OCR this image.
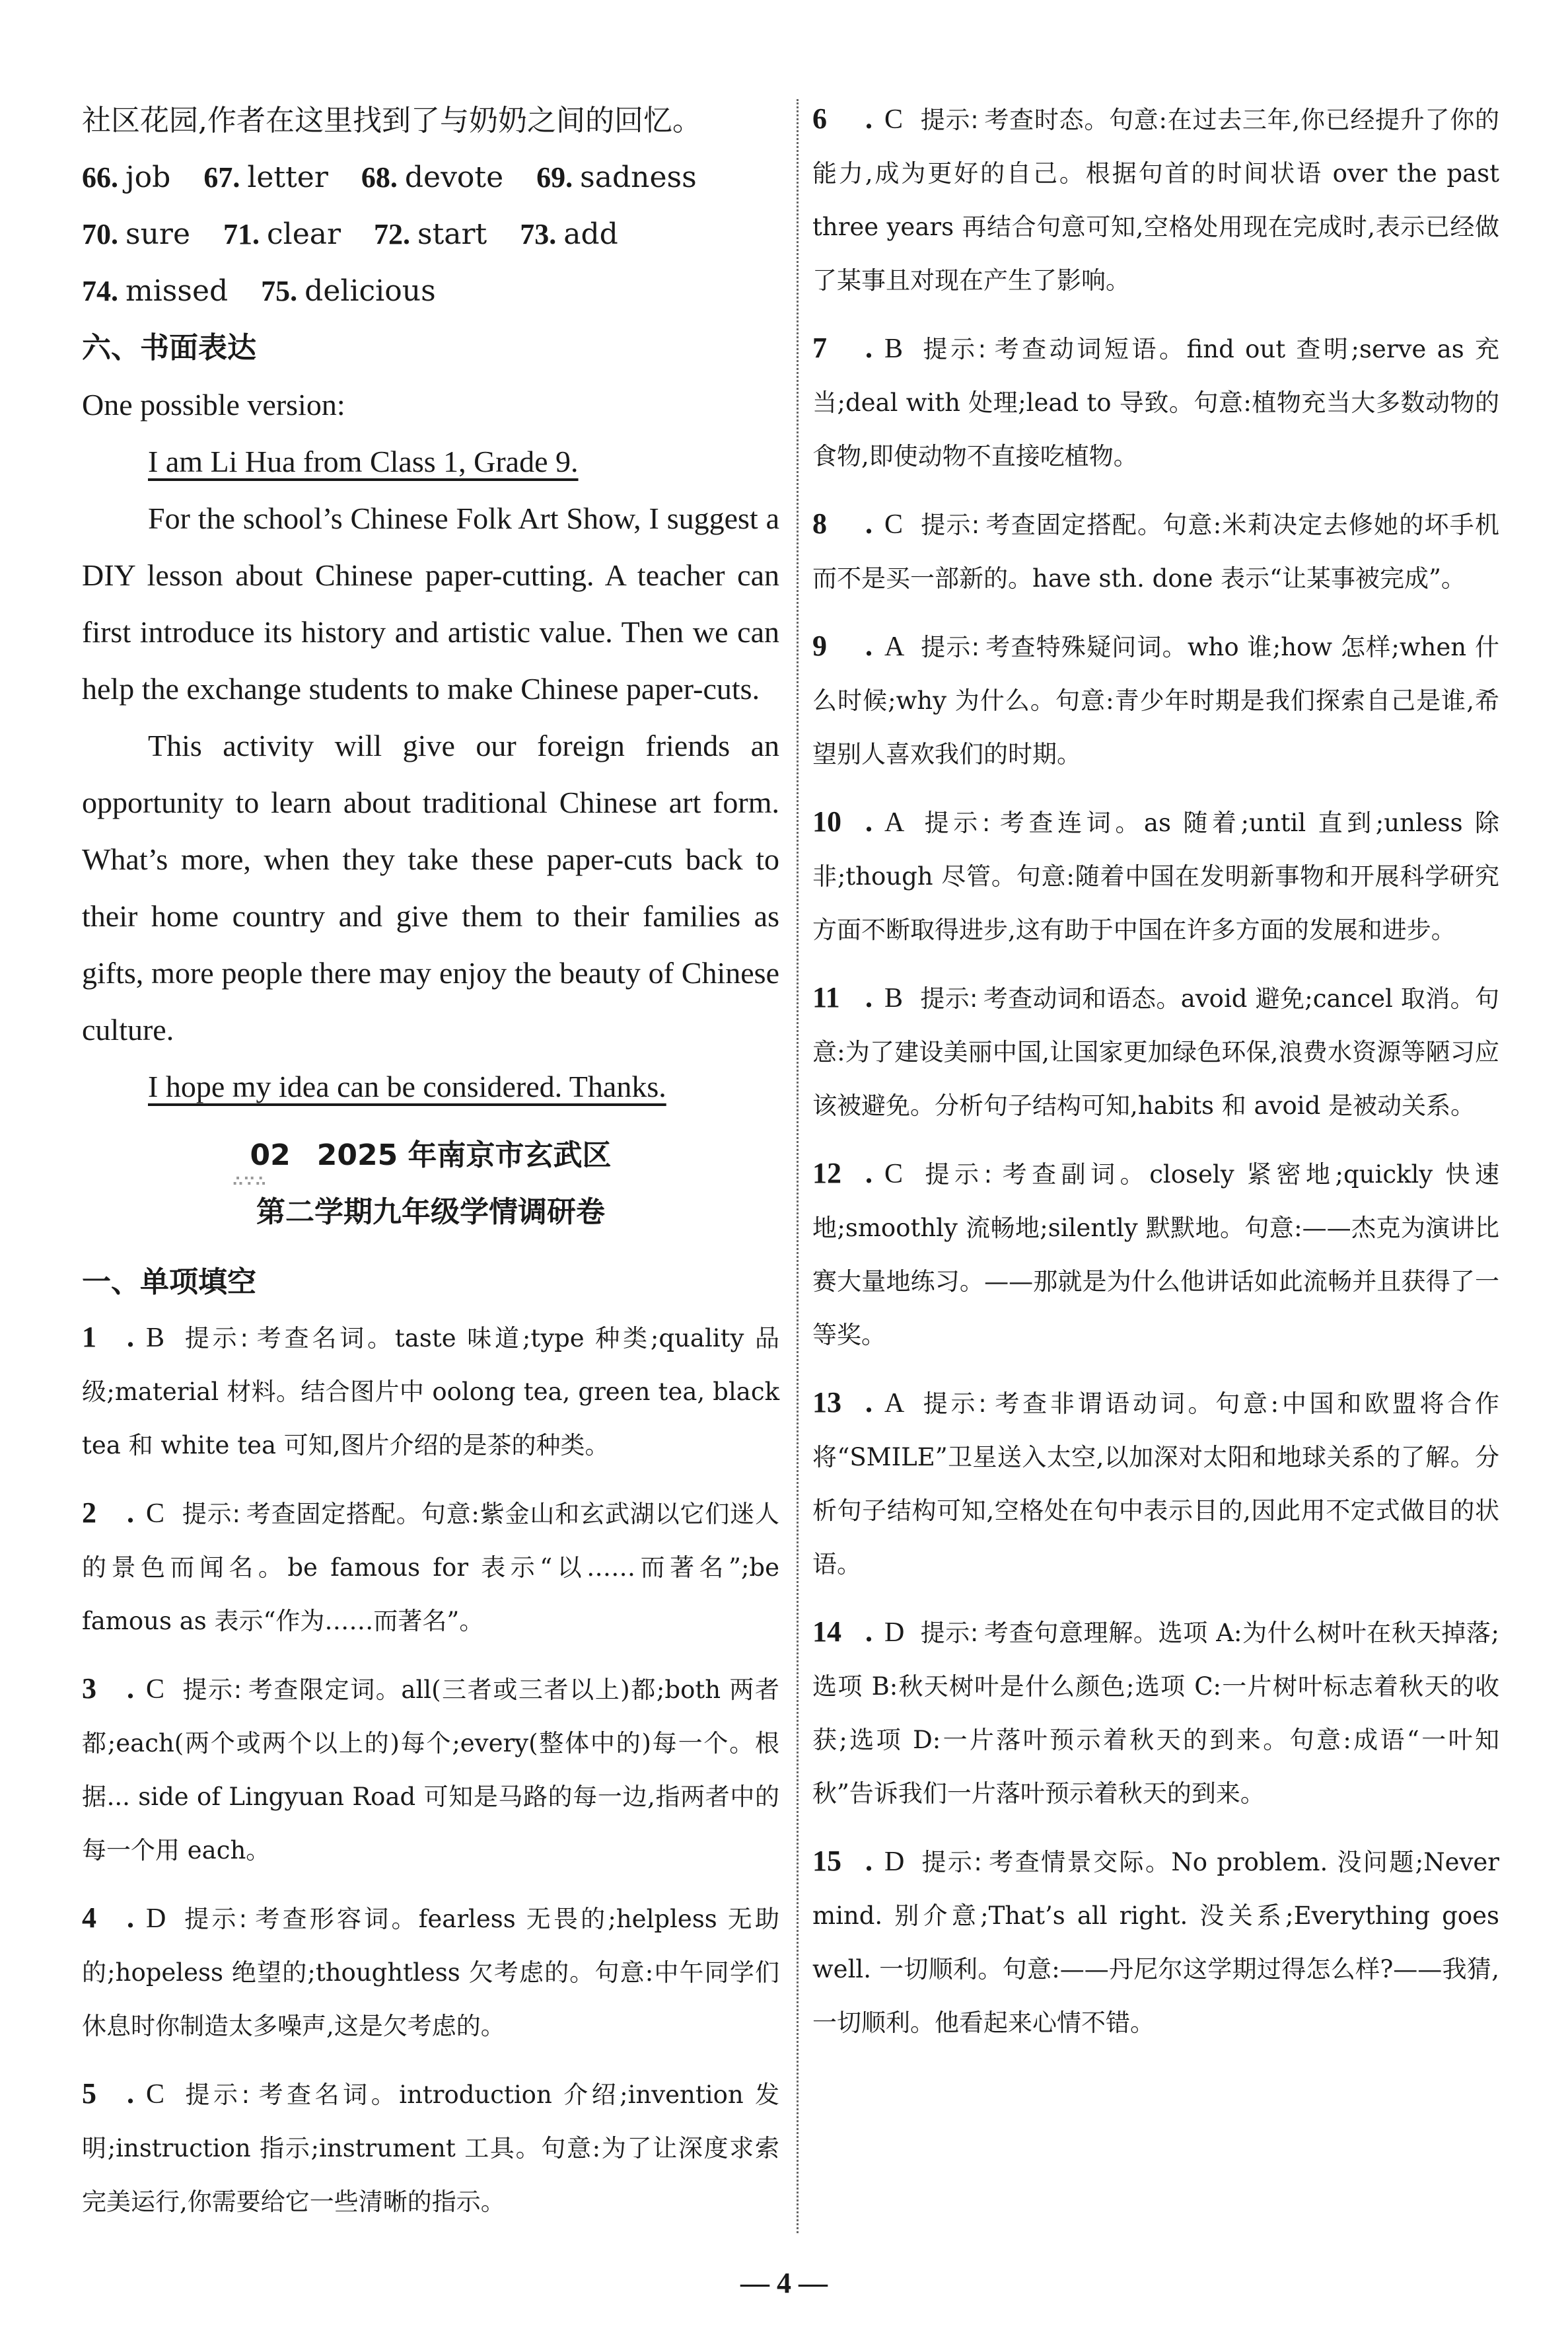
社区花园,作者在这里找到了与奶奶之间的回忆。
66. job 67. letter 68. devote 69. sadness
70. sure 71. clear 72. start 73. add
74. missed 75. delicious
六、书面表达

One possible version:

I am Li Hua from Class 1, Grade 9.

For the school’s Chinese Folk Art Show, I suggest a DIY lesson about Chinese paper-cutting. A teacher can first introduce its history and artistic value. Then we can help the exchange students to make Chinese paper-cuts.

This activity will give our foreign friends an opportunity to learn about traditional Chinese art form. What’s more, when they take these paper-cuts back to their home country and give them to their families as gifts, more people there may enjoy the beauty of Chinese culture.

I hope my idea can be considered. Thanks.

∴∵∴
02 2025 年南京市玄武区
第二学期九年级学情调研卷
一、单项填空
1 . B 提示: 考查名词。taste 味道;type 种类;quality 品级;material 材料。结合图片中 oolong tea, green tea, black tea 和 white tea 可知,图片介绍的是茶的种类。
2 . C 提示: 考查固定搭配。句意:紫金山和玄武湖以它们迷人的景色而闻名。be famous for 表示“以……而著名”;be famous as 表示“作为……而著名”。
3 . C 提示: 考查限定词。all(三者或三者以上)都;both 两者都;each(两个或两个以上的)每个;every(整体中的)每一个。根据... side of Lingyuan Road 可知是马路的每一边,指两者中的每一个用 each。
4 . D 提示: 考查形容词。fearless 无畏的;helpless 无助的;hopeless 绝望的;thoughtless 欠考虑的。句意:中午同学们休息时你制造太多噪声,这是欠考虑的。
5 . C 提示: 考查名词。introduction 介绍;invention 发明;instruction 指示;instrument 工具。句意:为了让深度求索完美运行,你需要给它一些清晰的指示。
6 . C 提示: 考查时态。句意:在过去三年,你已经提升了你的能力,成为更好的自己。根据句首的时间状语 over the past three years 再结合句意可知,空格处用现在完成时,表示已经做了某事且对现在产生了影响。
7 . B 提示: 考查动词短语。find out 查明;serve as 充当;deal with 处理;lead to 导致。句意:植物充当大多数动物的食物,即使动物不直接吃植物。
8 . C 提示: 考查固定搭配。句意:米莉决定去修她的坏手机而不是买一部新的。have sth. done 表示“让某事被完成”。
9 . A 提示: 考查特殊疑问词。who 谁;how 怎样;when 什么时候;why 为什么。句意:青少年时期是我们探索自己是谁,希望别人喜欢我们的时期。
10 . A 提示: 考查连词。as 随着;until 直到;unless 除非;though 尽管。句意:随着中国在发明新事物和开展科学研究方面不断取得进步,这有助于中国在许多方面的发展和进步。
11 . B 提示: 考查动词和语态。avoid 避免;cancel 取消。句意:为了建设美丽中国,让国家更加绿色环保,浪费水资源等陋习应该被避免。分析句子结构可知,habits 和 avoid 是被动关系。
12 . C 提示: 考查副词。closely 紧密地;quickly 快速地;smoothly 流畅地;silently 默默地。句意:——杰克为演讲比赛大量地练习。——那就是为什么他讲话如此流畅并且获得了一等奖。
13 . A 提示: 考查非谓语动词。句意:中国和欧盟将合作将“SMILE”卫星送入太空,以加深对太阳和地球关系的了解。分析句子结构可知,空格处在句中表示目的,因此用不定式做目的状语。
14 . D 提示: 考查句意理解。选项 A:为什么树叶在秋天掉落;选项 B:秋天树叶是什么颜色;选项 C:一片树叶标志着秋天的收获;选项 D:一片落叶预示着秋天的到来。句意:成语“一叶知秋”告诉我们一片落叶预示着秋天的到来。
15 . D 提示: 考查情景交际。No problem. 没问题;Never mind. 别介意;That’s all right. 没关系;Everything goes well. 一切顺利。句意:——丹尼尔这学期过得怎么样?——我猜,一切顺利。他看起来心情不错。
— 4 —
